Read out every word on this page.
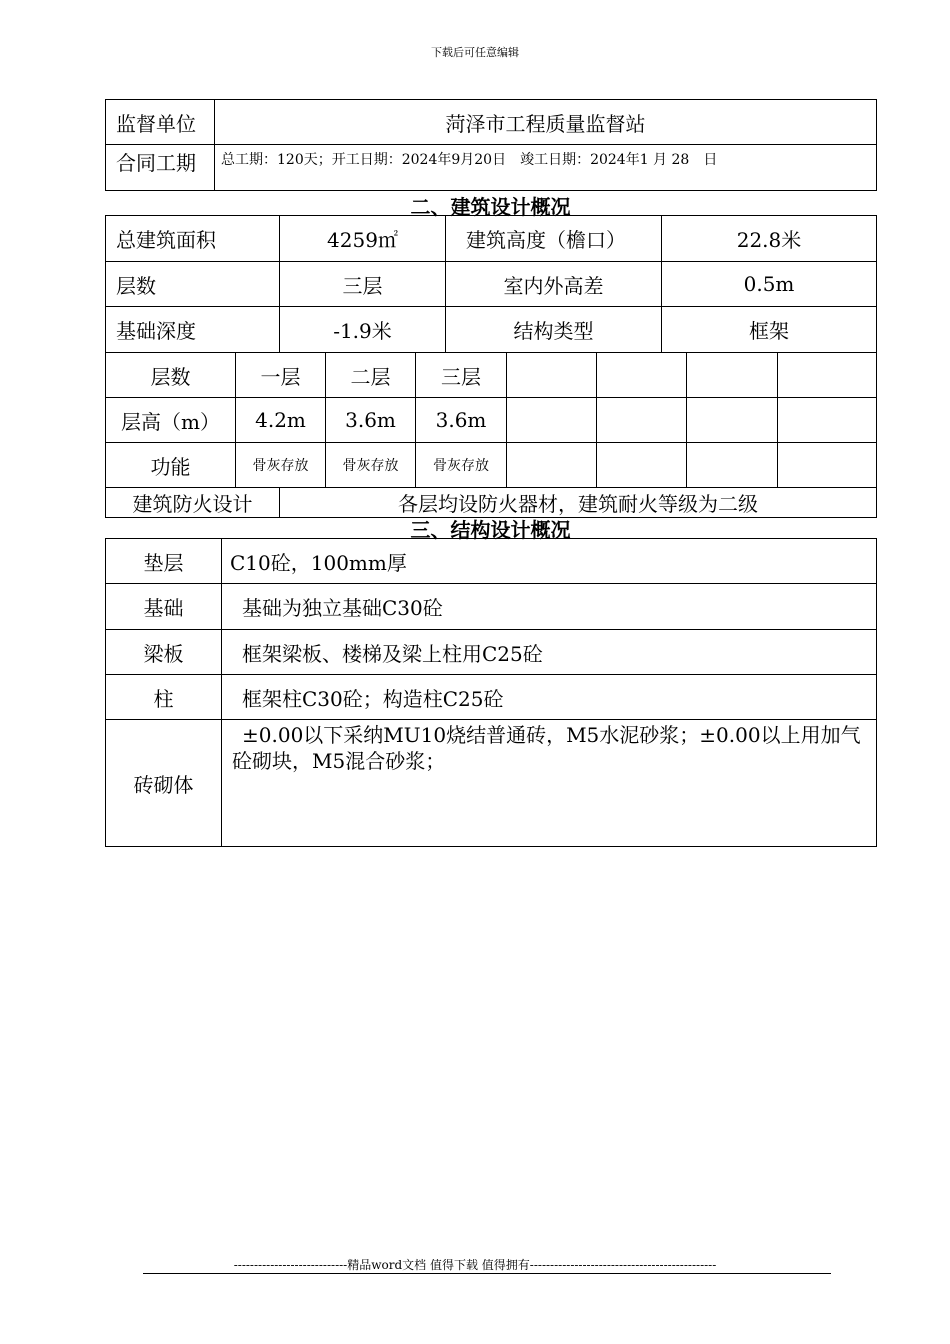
下载后可任意编辑
监督单位	菏泽市工程质量监督站
合同工期	总工期：120天；开工日期：2024年9月20日　竣工日期：2024年1 月 28　日
二、建筑设计概况
总建筑面积	4259㎡	建筑高度（檐口）	22.8米
层数	三层	室内外高差	0.5m
基础深度	-1.9米	结构类型	框架
层数	一层	二层	三层				
层高（m）	4.2m	3.6m	3.6m				
功能	骨灰存放	骨灰存放	骨灰存放				
建筑防火设计	各层均设防火器材，建筑耐火等级为二级
三、结构设计概况
垫层	C10砼，100mm厚
基础	基础为独立基础C30砼
梁板	框架梁板、楼梯及梁上柱用C25砼
柱	框架柱C30砼；构造柱C25砼
砖砌体	±0.00以下采纳MU10烧结普通砖，M5水泥砂浆；±0.00以上用加气砼砌块，M5混合砂浆；
----------------------------精品word文档 值得下载 值得拥有----------------------------------------------
